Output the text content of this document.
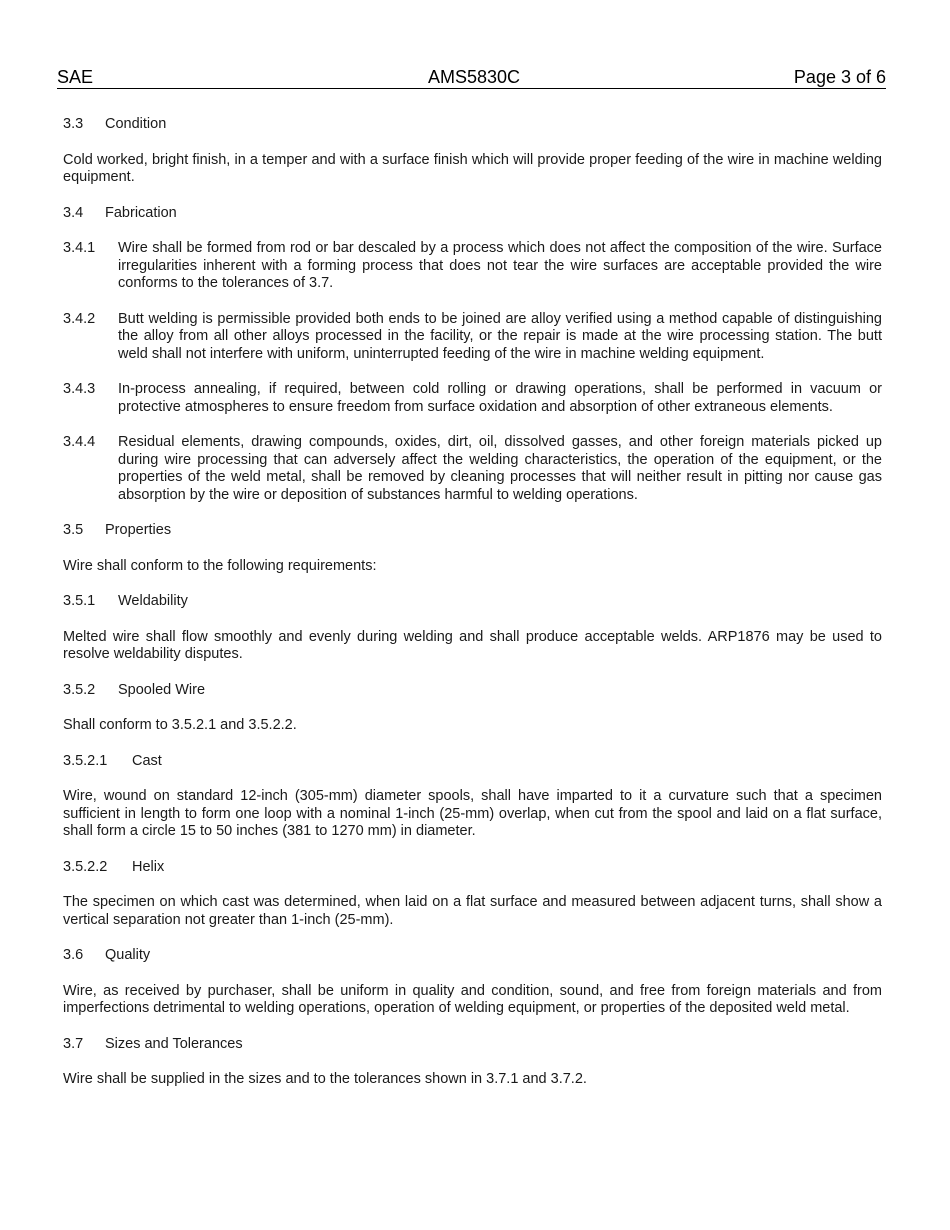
SAE	AMS5830C	Page 3 of 6
3.3 Condition

Cold worked, bright finish, in a temper and with a surface finish which will provide proper feeding of the wire in machine welding equipment.

3.4 Fabrication
3.4.1	Wire shall be formed from rod or bar descaled by a process which does not affect the composition of the wire. Surface irregularities inherent with a forming process that does not tear the wire surfaces are acceptable provided the wire conforms to the tolerances of 3.7.
3.4.2	Butt welding is permissible provided both ends to be joined are alloy verified using a method capable of distinguishing the alloy from all other alloys processed in the facility, or the repair is made at the wire processing station. The butt weld shall not interfere with uniform, uninterrupted feeding of the wire in machine welding equipment.
3.4.3	In-process annealing, if required, between cold rolling or drawing operations, shall be performed in vacuum or protective atmospheres to ensure freedom from surface oxidation and absorption of other extraneous elements.
3.4.4	Residual elements, drawing compounds, oxides, dirt, oil, dissolved gasses, and other foreign materials picked up during wire processing that can adversely affect the welding characteristics, the operation of the equipment, or the properties of the weld metal, shall be removed by cleaning processes that will neither result in pitting nor cause gas absorption by the wire or deposition of substances harmful to welding operations.
3.5 Properties

Wire shall conform to the following requirements:

3.5.1 Weldability

Melted wire shall flow smoothly and evenly during welding and shall produce acceptable welds. ARP1876 may be used to resolve weldability disputes.

3.5.2 Spooled Wire

Shall conform to 3.5.2.1 and 3.5.2.2.

3.5.2.1 Cast

Wire, wound on standard 12-inch (305-mm) diameter spools, shall have imparted to it a curvature such that a specimen sufficient in length to form one loop with a nominal 1-inch (25-mm) overlap, when cut from the spool and laid on a flat surface, shall form a circle 15 to 50 inches (381 to 1270 mm) in diameter.

3.5.2.2 Helix

The specimen on which cast was determined, when laid on a flat surface and measured between adjacent turns, shall show a vertical separation not greater than 1-inch (25-mm).

3.6 Quality

Wire, as received by purchaser, shall be uniform in quality and condition, sound, and free from foreign materials and from imperfections detrimental to welding operations, operation of welding equipment, or properties of the deposited weld metal.

3.7 Sizes and Tolerances

Wire shall be supplied in the sizes and to the tolerances shown in 3.7.1 and 3.7.2.
